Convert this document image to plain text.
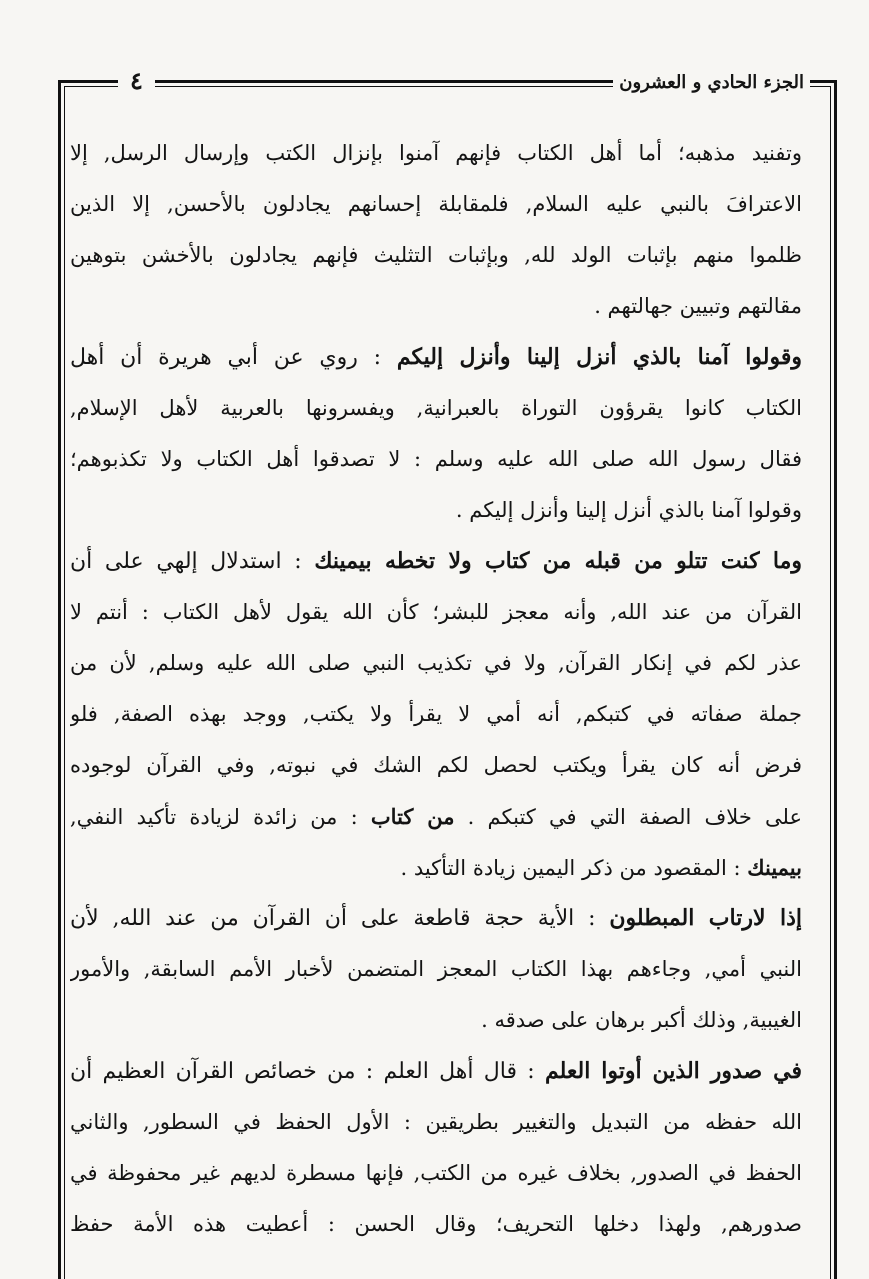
الجزء الحادي و العشرون
٤
وتفنيد مذهبه؛ أما أهل الكتاب فإنهم آمنوا بإنزال الكتب وإرسال الرسل, إلا
الاعترافَ بالنبي عليه السلام, فلمقابلة إحسانهم يجادلون بالأحسن, إلا الذين
ظلموا منهم بإثبات الولد لله, وبإثبات التثليث فإنهم يجادلون بالأخشن بتوهين
مقالتهم وتبيين جهالتهم .
وقولوا آمنا بالذي أنزل إلينا وأنزل إليكم : روي عن أبي هريرة أن أهل
الكتاب كانوا يقرؤون التوراة بالعبرانية, ويفسرونها بالعربية لأهل الإسلام,
فقال رسول الله صلى الله عليه وسلم : لا تصدقوا أهل الكتاب ولا تكذبوهم؛
وقولوا آمنا بالذي أنزل إلينا وأنزل إليكم .
وما كنت تتلو من قبله من كتاب ولا تخطه بيمينك : استدلال إلهي على أن
القرآن من عند الله, وأنه معجز للبشر؛ كأن الله يقول لأهل الكتاب : أنتم لا
عذر لكم في إنكار القرآن, ولا في تكذيب النبي صلى الله عليه وسلم, لأن من
جملة صفاته في كتبكم, أنه أمي لا يقرأ ولا يكتب, ووجد بهذه الصفة, فلو
فرض أنه كان يقرأ ويكتب لحصل لكم الشك في نبوته, وفي القرآن لوجوده
على خلاف الصفة التي في كتبكم . من كتاب : من زائدة لزيادة تأكيد النفي,
بيمينك : المقصود من ذكر اليمين زيادة التأكيد .
إذا لارتاب المبطلون : الأية حجة قاطعة على أن القرآن من عند الله, لأن
النبي أمي, وجاءهم بهذا الكتاب المعجز المتضمن لأخبار الأمم السابقة, والأمور
الغيبية, وذلك أكبر برهان على صدقه .
في صدور الذين أوتوا العلم : قال أهل العلم : من خصائص القرآن العظيم أن
الله حفظه من التبديل والتغيير بطريقين : الأول الحفظ في السطور, والثاني
الحفظ في الصدور, بخلاف غيره من الكتب, فإنها مسطرة لديهم غير محفوظة في
صدورهم, ولهذا دخلها التحريف؛ وقال الحسن : أعطيت هذه الأمة حفظ
